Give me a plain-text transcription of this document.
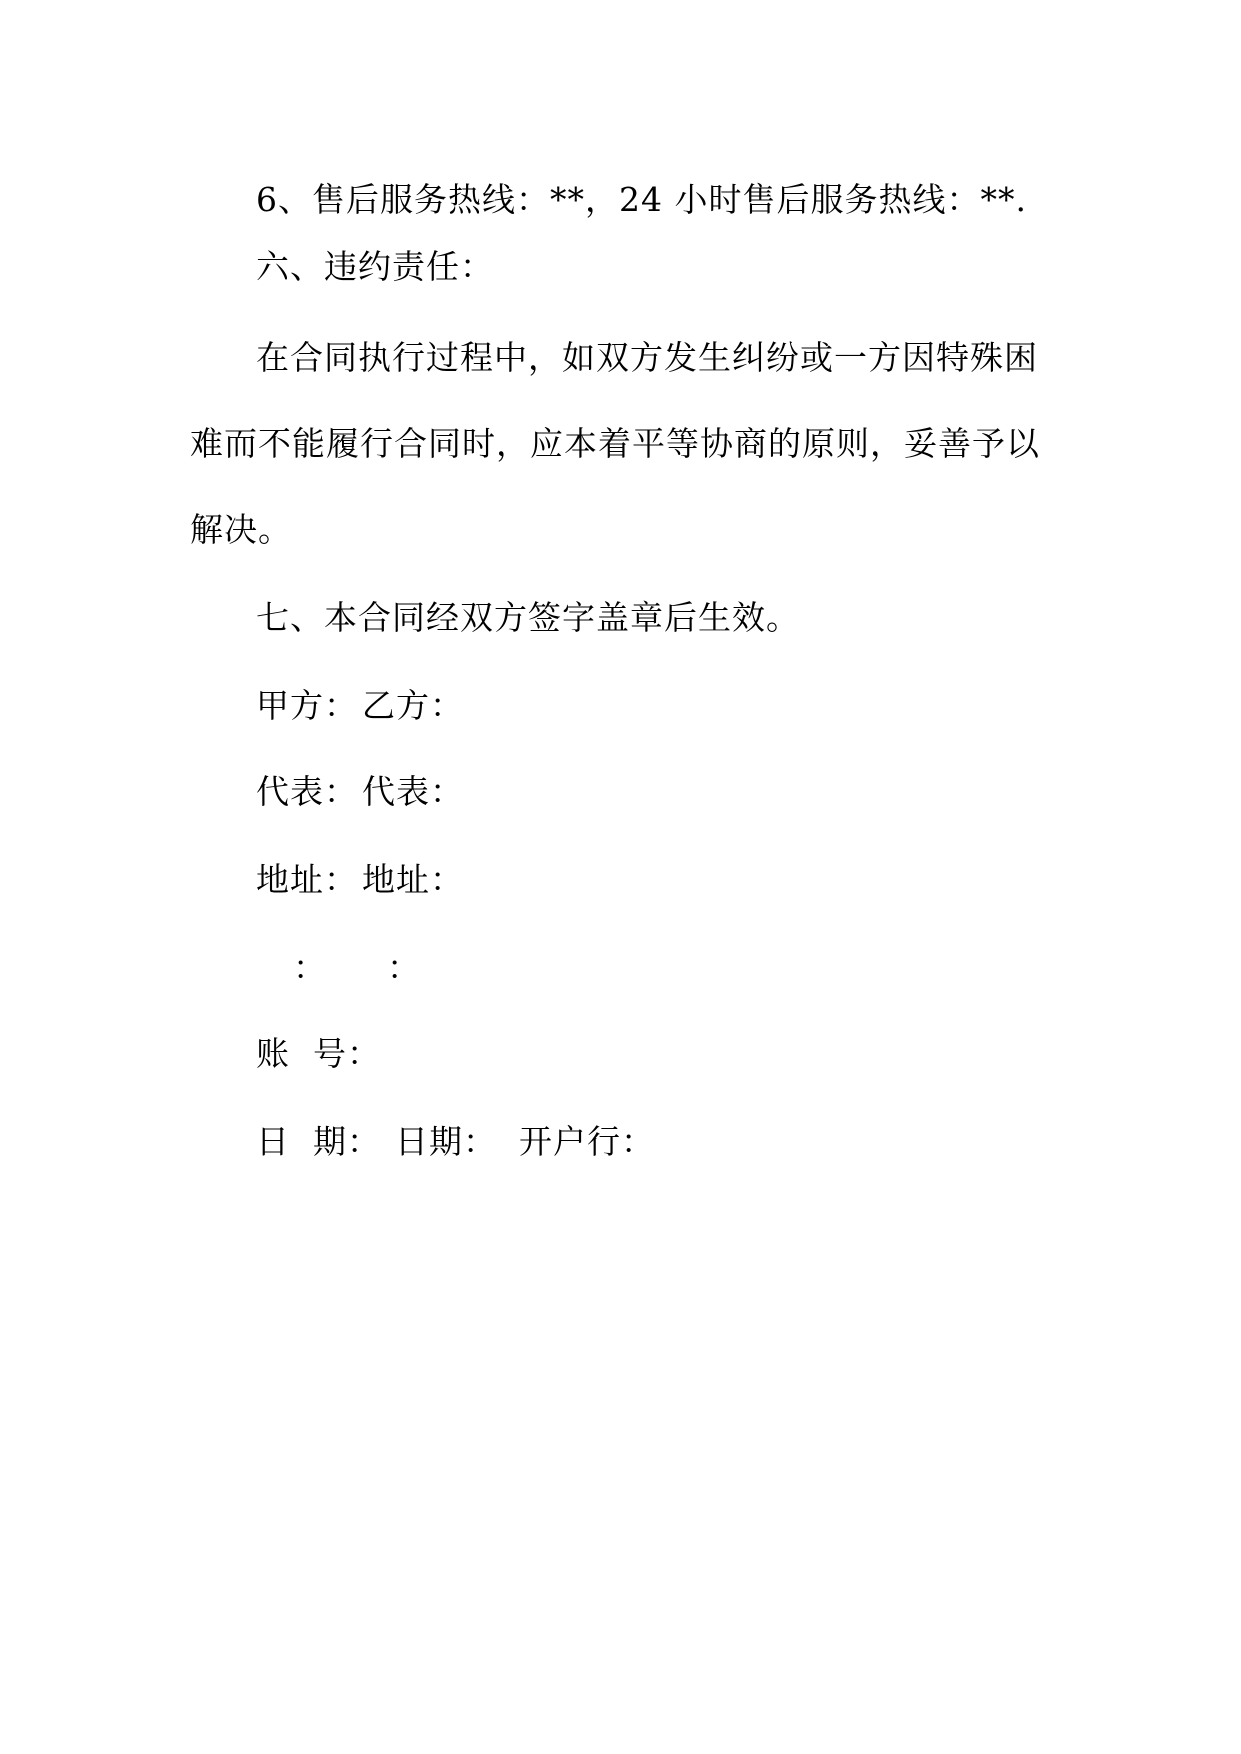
6、售后服务热线：**，24 小时售后服务热线：**.
六、违约责任：
在合同执行过程中，如双方发生纠纷或一方因特殊困
难而不能履行合同时，应本着平等协商的原则，妥善予以
解决。
七、本合同经双方签字盖章后生效。
甲方： 乙方：
代表： 代表：
地址： 地址：
： ：
账  号：
日  期： 日期： 开户行：
